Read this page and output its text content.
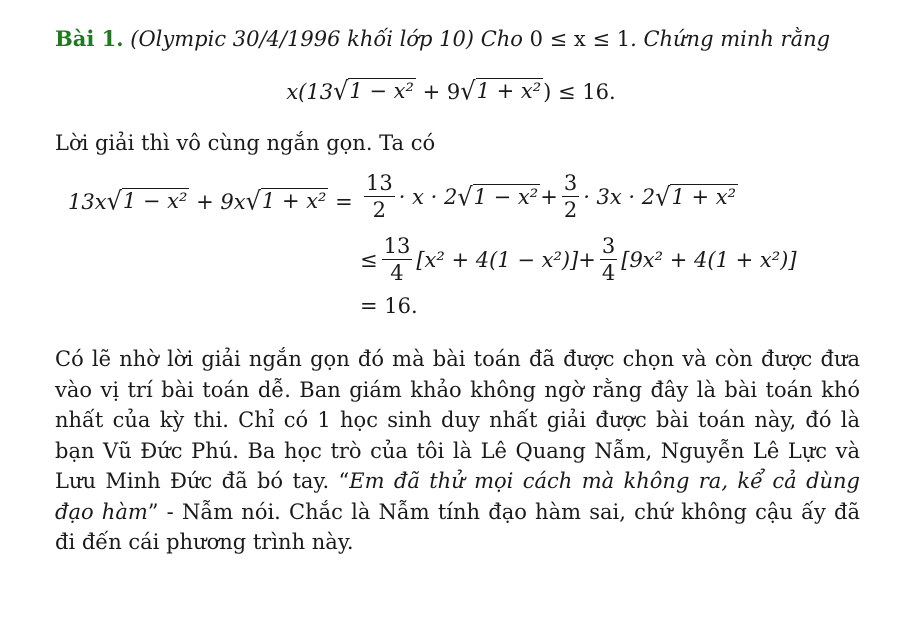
Bài 1. (Olympic 30/4/1996 khối lớp 10) Cho 0 ≤ x ≤ 1. Chứng minh rằng
x(13 √ 1 − x² + 9 √ 1 + x² ) ≤ 16.
Lời giải thì vô cùng ngắn gọn. Ta có
13x √ 1 − x² + 9x √ $1 + x^2 = \frac{13}{2} \cdot x \cdot 2$ √ $1 - x^2 + \frac{3}{2} \cdot 3x \cdot 2$ √ 1 + x²
≤ $\frac{13}{4} [x^2 + 4(1 - x^2)] + \frac{3}{4} [9x^2 + 4(1 + x^2)]$
= 16.
Có lẽ nhờ lời giải ngắn gọn đó mà bài toán đã được chọn và còn được đưa vào vị trí bài toán dễ. Ban giám khảo không ngờ rằng đây là bài toán khó nhất của kỳ thi. Chỉ có 1 học sinh duy nhất giải được bài toán này, đó là bạn Vũ Đức Phú. Ba học trò của tôi là Lê Quang Nẫm, Nguyễn Lê Lực và Lưu Minh Đức đã bó tay. “Em đã thử mọi cách mà không ra, kể cả dùng đạo hàm” - Nẫm nói. Chắc là Nẫm tính đạo hàm sai, chứ không cậu ấy đã đi đến cái phương trình này.
